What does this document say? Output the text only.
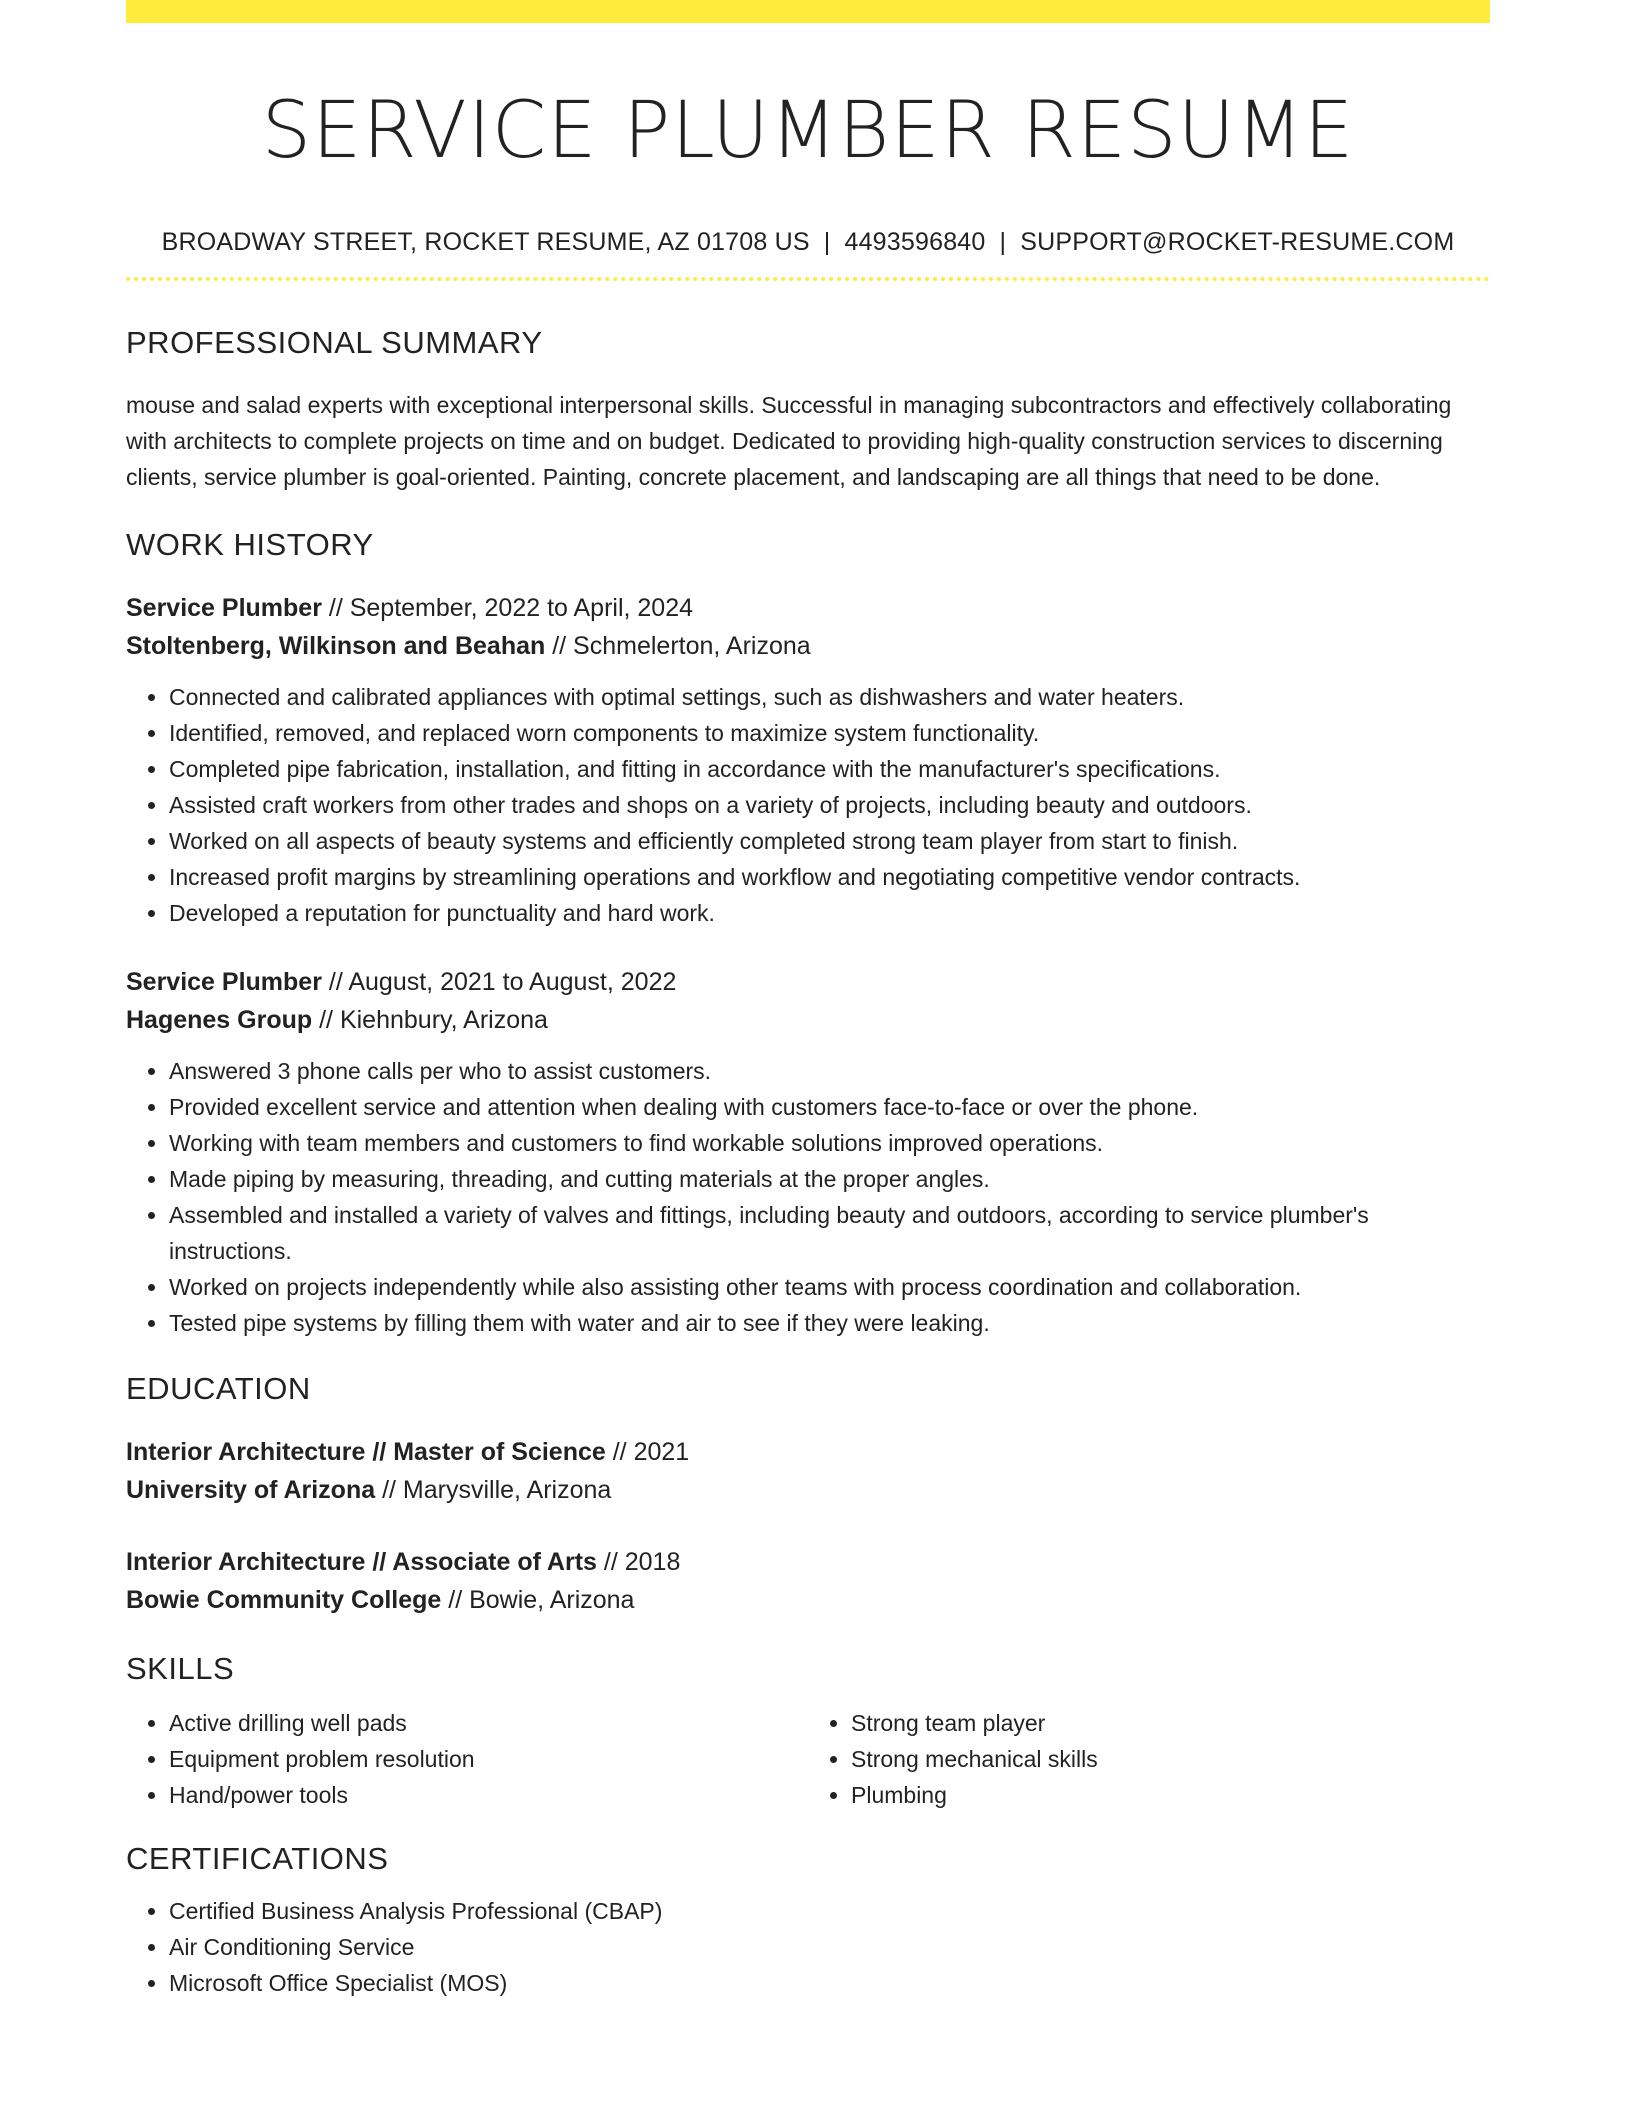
SERVICE PLUMBER RESUME
BROADWAY STREET, ROCKET RESUME, AZ 01708 US | 4493596840 | SUPPORT@ROCKET-RESUME.COM
PROFESSIONAL SUMMARY
mouse and salad experts with exceptional interpersonal skills. Successful in managing subcontractors and effectively collaborating with architects to complete projects on time and on budget. Dedicated to providing high-quality construction services to discerning clients, service plumber is goal-oriented. Painting, concrete placement, and landscaping are all things that need to be done.
WORK HISTORY
Service Plumber // September, 2022 to April, 2024
Stoltenberg, Wilkinson and Beahan // Schmelerton, Arizona
• Connected and calibrated appliances with optimal settings, such as dishwashers and water heaters.
• Identified, removed, and replaced worn components to maximize system functionality.
• Completed pipe fabrication, installation, and fitting in accordance with the manufacturer's specifications.
• Assisted craft workers from other trades and shops on a variety of projects, including beauty and outdoors.
• Worked on all aspects of beauty systems and efficiently completed strong team player from start to finish.
• Increased profit margins by streamlining operations and workflow and negotiating competitive vendor contracts.
• Developed a reputation for punctuality and hard work.
Service Plumber // August, 2021 to August, 2022
Hagenes Group // Kiehnbury, Arizona
• Answered 3 phone calls per who to assist customers.
• Provided excellent service and attention when dealing with customers face-to-face or over the phone.
• Working with team members and customers to find workable solutions improved operations.
• Made piping by measuring, threading, and cutting materials at the proper angles.
• Assembled and installed a variety of valves and fittings, including beauty and outdoors, according to service plumber's instructions.
• Worked on projects independently while also assisting other teams with process coordination and collaboration.
• Tested pipe systems by filling them with water and air to see if they were leaking.
EDUCATION
Interior Architecture // Master of Science // 2021
University of Arizona // Marysville, Arizona
Interior Architecture // Associate of Arts // 2018
Bowie Community College // Bowie, Arizona
SKILLS
• Active drilling well pads
• Equipment problem resolution
• Hand/power tools
• Strong team player
• Strong mechanical skills
• Plumbing
CERTIFICATIONS
• Certified Business Analysis Professional (CBAP)
• Air Conditioning Service
• Microsoft Office Specialist (MOS)
